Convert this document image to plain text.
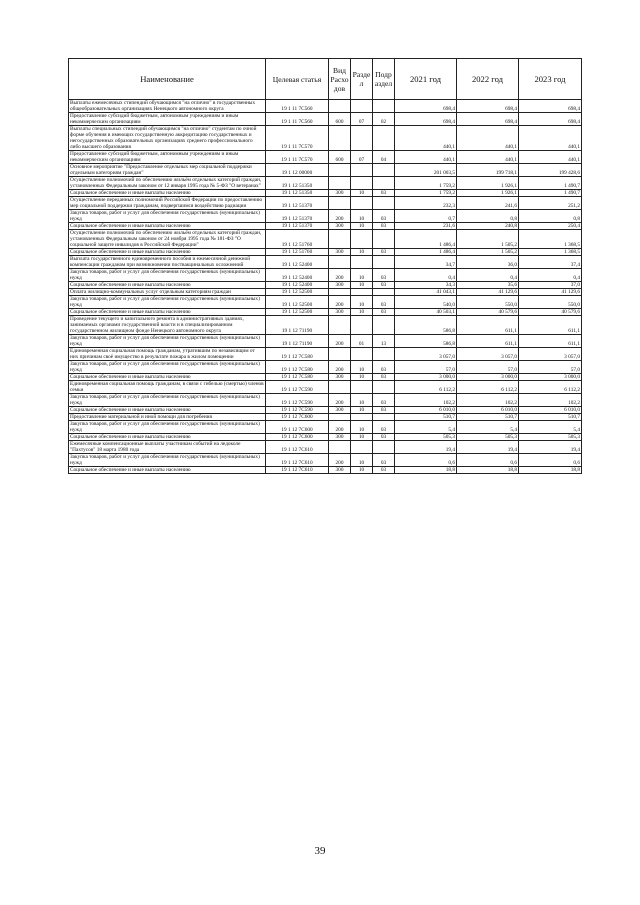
Наименование	Целевая статья	Вид Расхо дов	Разде л	Подр аздел	2021 год	2022 год	2023 год
Выплаты ежемесячных стипендий обучающимся "на отлично" в государственных общеобразовательных организациях Ненецкого автономного округа	19 1 11 7С560				698,4	698,4	698,4
Предоставление субсидий бюджетным, автономным учреждениям и иным некоммерческим организациям	19 1 11 7С560	600	07	02	698,4	698,4	698,4
Выплаты специальных стипендий обучающимся "на отлично" студентам по очной форме обучения в имеющих государственную аккредитацию государственных и негосударственных образовательных организациях среднего профессионального либо высшего образования	19 1 11 7С570				440,1	440,1	440,1
Предоставление субсидий бюджетным, автономным учреждениям и иным некоммерческим организациям	19 1 11 7С570	600	07	04	440,1	440,1	440,1
Основное мероприятие "Предоставление отдельных мер социальной поддержки отдельным категориям граждан"	19 1 12 00000				201 003,5	199 718,1	199 428,6
Осуществление полномочий по обеспечению жильём отдельных категорий граждан, установленных Федеральным законом от 12 января 1995 года № 5-ФЗ "О ветеранах"	19 1 12 51350				1 759,2	1 926,1	1 490,7
Социальное обеспечение и иные выплаты населению	19 1 12 51350	300	10	03	1 759,2	1 926,1	1 490,7
Осуществление переданных полномочий Российской Федерации по предоставлению мер социальной поддержки гражданам, подвергшимся воздействию радиации	19 1 12 51370				232,3	241,6	251,2
Закупка товаров, работ и услуг для обеспечения государственных (муниципальных) нужд	19 1 12 51370	200	10	03	0,7	0,8	0,8
Социальное обеспечение и иные выплаты населению	19 1 12 51370	300	10	03	231,6	240,8	250,4
Осуществление полномочий по обеспечению жильём отдельных категорий граждан, установленных Федеральным законом от 24 ноября 1995 года № 181-ФЗ "О социальной защите инвалидов в Российской Федерации"	19 1 12 51760				1 486,4	1 505,2	1 368,5
Социальное обеспечение и иные выплаты населению	19 1 12 51760	300	10	03	1 486,4	1 505,2	1 368,5
Выплата государственного единовременного пособия и ежемесячной денежной компенсации гражданам при возникновении поствакцинальных осложнений	19 1 12 52400				34,7	36,0	37,4
Закупка товаров, работ и услуг для обеспечения государственных (муниципальных) нужд	19 1 12 52400	200	10	03	0,4	0,4	0,4
Социальное обеспечение и иные выплаты населению	19 1 12 52400	300	10	03	34,3	35,6	37,0
Оплата жилищно-коммунальных услуг отдельным категориям граждан	19 1 12 52500				41 043,1	41 129,6	41 129,6
Закупка товаров, работ и услуг для обеспечения государственных (муниципальных) нужд	19 1 12 52500	200	10	03	540,0	550,0	550,0
Социальное обеспечение и иные выплаты населению	19 1 12 52500	300	10	03	40 503,1	40 579,6	40 579,6
Проведение текущего и капитального ремонта в административных зданиях, занимаемых органами государственной власти и в специализированном государственном жилищном фонде Ненецкого автономного округа	19 1 12 71190				586,8	611,1	611,1
Закупка товаров, работ и услуг для обеспечения государственных (муниципальных) нужд	19 1 12 71190	200	01	13	586,8	611,1	611,1
Единовременная социальная помощь гражданам, утратившим по независящим от них причинам своё имущество в результате пожара в жилом помещении	19 1 12 7С580				3 057,0	3 057,0	3 057,0
Закупка товаров, работ и услуг для обеспечения государственных (муниципальных) нужд	19 1 12 7С580	200	10	03	57,0	57,0	57,0
Социальное обеспечение и иные выплаты населению	19 1 12 7С580	300	10	03	3 000,0	3 000,0	3 000,0
Единовременная социальная помощь гражданам, в связи с гибелью (смертью) членов семьи	19 1 12 7С590				6 112,2	6 112,2	6 112,2
Закупка товаров, работ и услуг для обеспечения государственных (муниципальных) нужд	19 1 12 7С590	200	10	03	102,2	102,2	102,2
Социальное обеспечение и иные выплаты населению	19 1 12 7С590	300	10	03	6 010,0	6 010,0	6 010,0
Предоставление материальной и иной помощи для погребения	19 1 12 7С600				510,7	510,7	510,7
Закупка товаров, работ и услуг для обеспечения государственных (муниципальных) нужд	19 1 12 7С600	200	10	03	5,4	5,4	5,4
Социальное обеспечение и иные выплаты населению	19 1 12 7С600	300	10	03	505,3	505,3	505,3
Ежемесячные компенсационные выплаты участникам событий на ледоколе "Пахтусов" 18 марта 1980 года	19 1 12 7С610				19,4	19,4	19,4
Закупка товаров, работ и услуг для обеспечения государственных (муниципальных) нужд	19 1 12 7С610	200	10	03	0,6	0,6	0,6
Социальное обеспечение и иные выплаты населению	19 1 12 7С610	300	10	03	18,8	18,8	18,8
39
